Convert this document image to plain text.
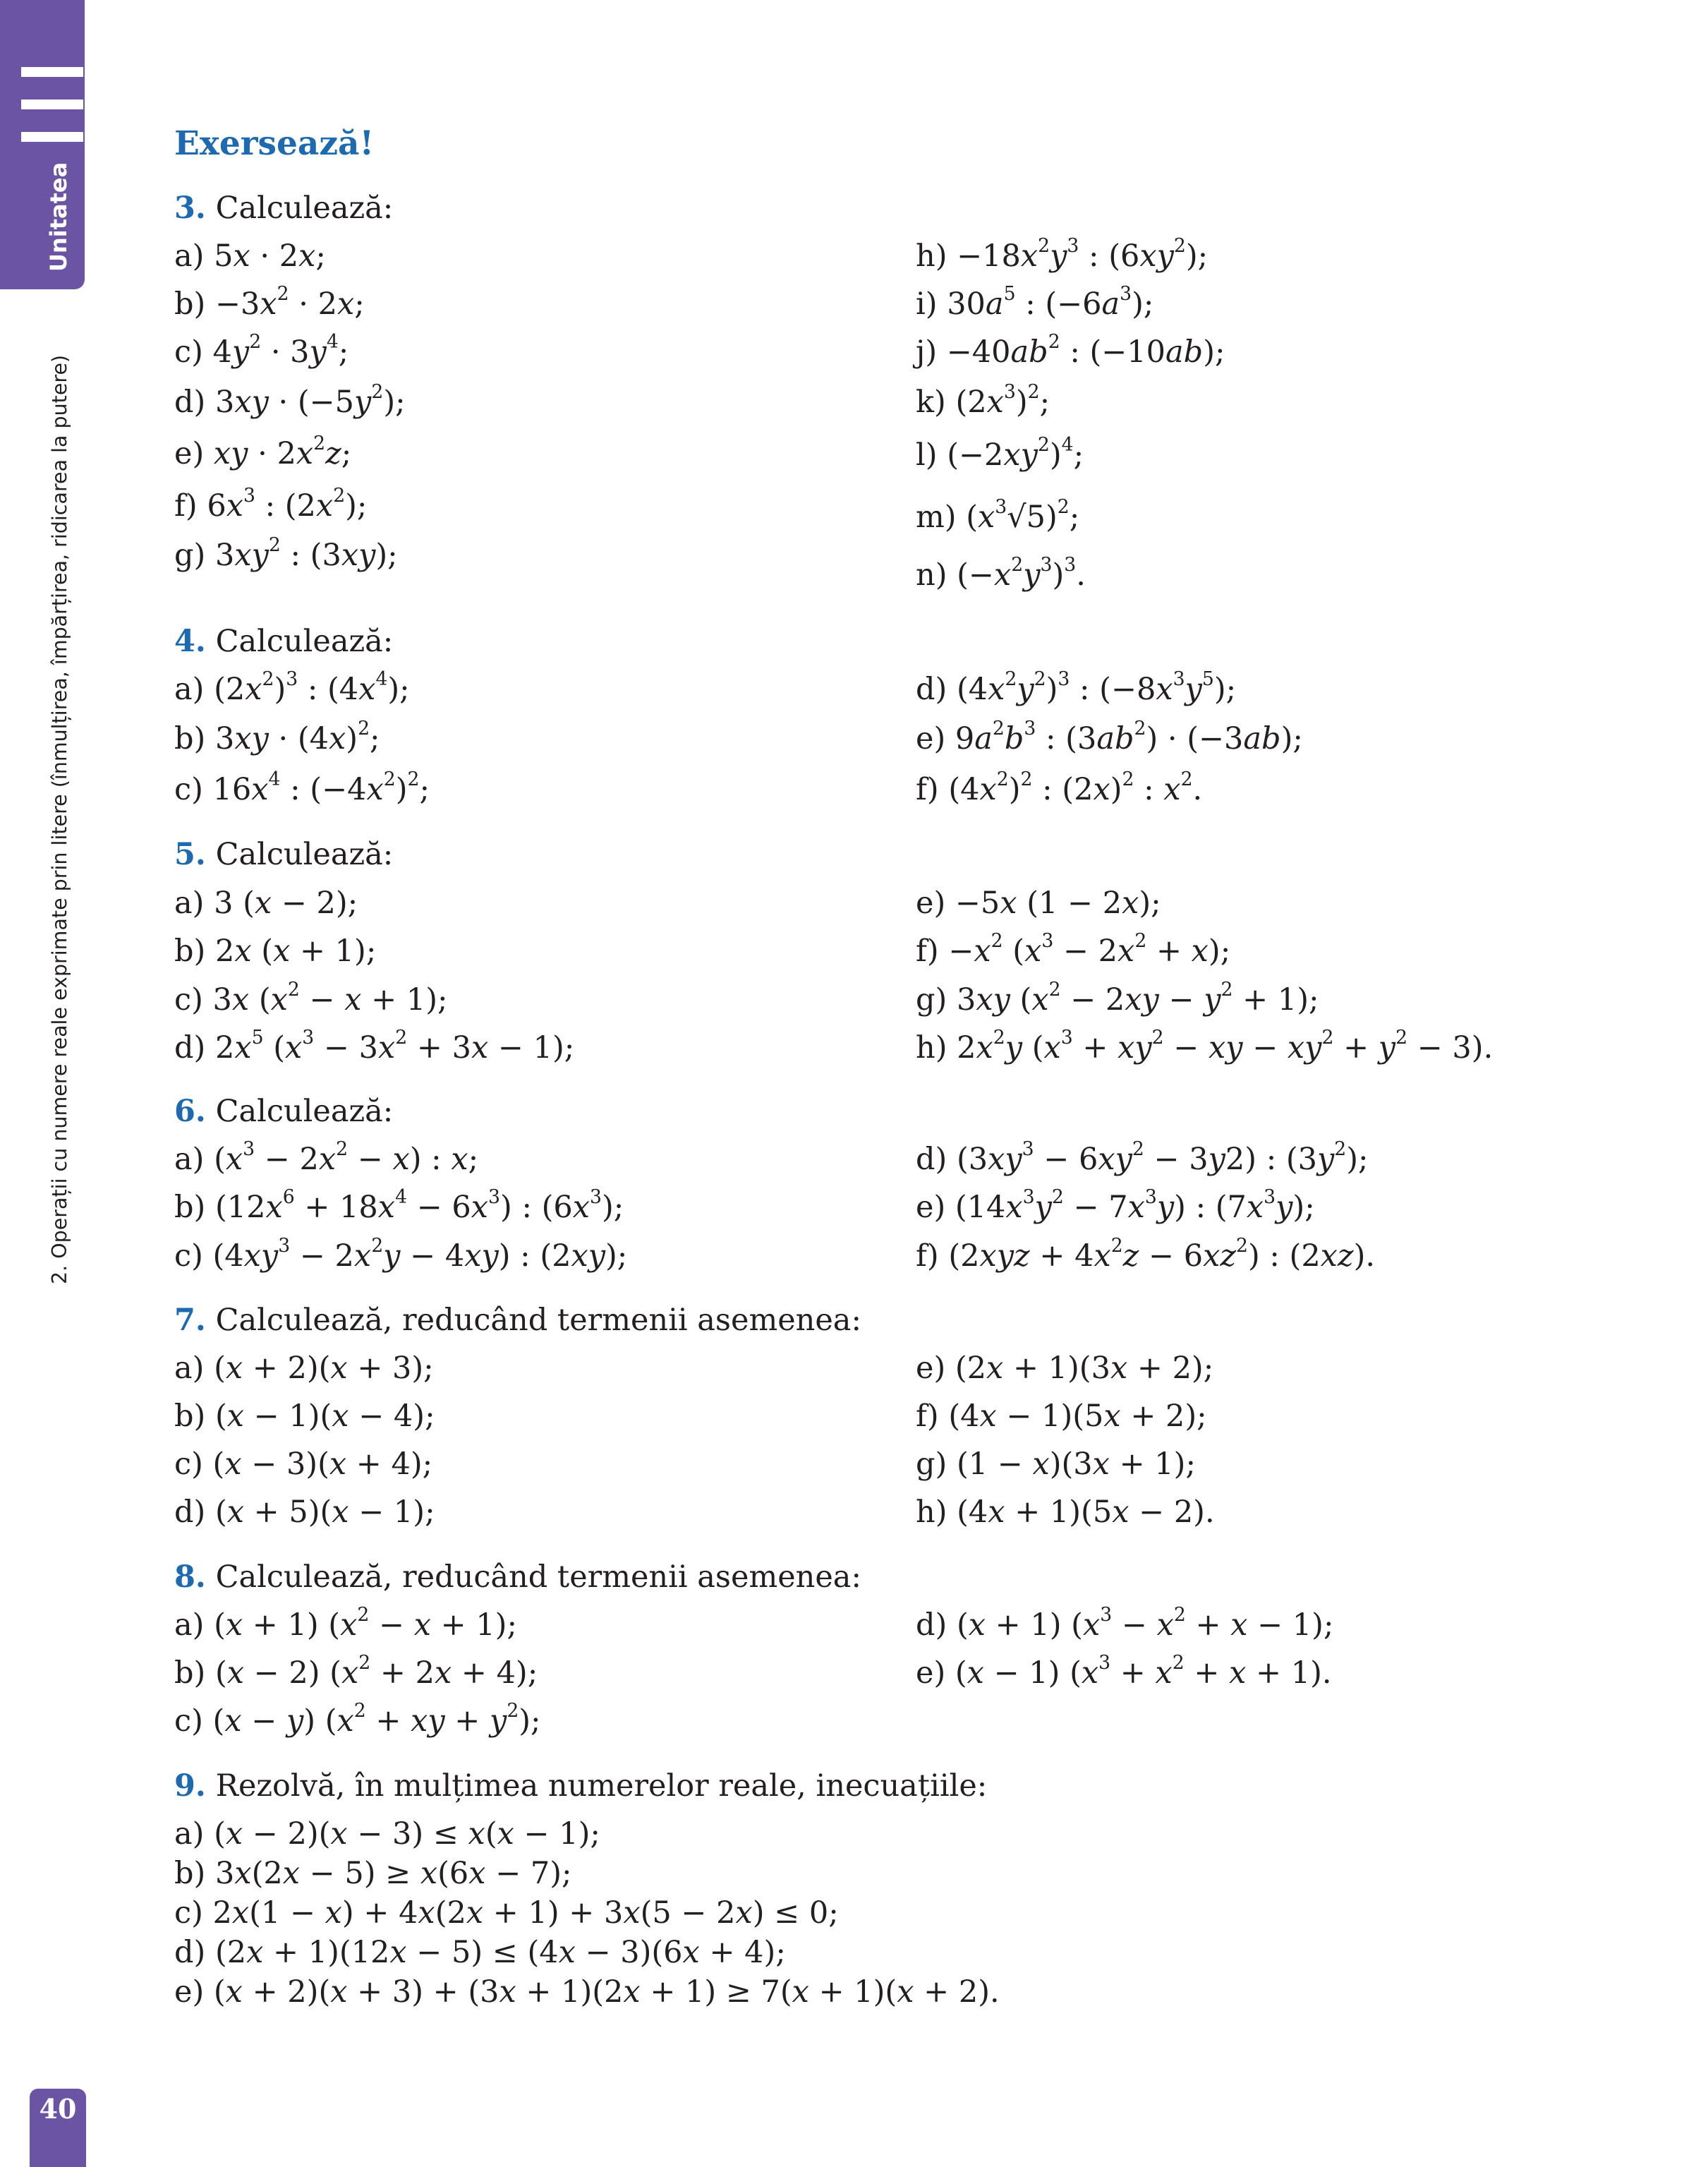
Unitatea
2. Operații cu numere reale exprimate prin litere (înmulțirea, împărțirea, ridicarea la putere)
40
Exersează!
3. Calculează:
a) 5x · 2x;
$b) -3x^2 \cdot 2x$;
c) $4y^2 \cdot 3y^4$;
d) $3xy \cdot (-5y^2)$;
e) xy · $2x^2z$;
f) $6x^3$ : $(2x^2)$;
g) $3xy^2$ : (3xy);
$h) -18x^2y^3$ : $(6xy^2)$;
i) $30a^5$ : $(-6a^3)$;
$j) -40ab^2$ : (−10ab);
k) $(2x^3)^2$;
l) $(-2xy^2)^4$;
m) $(x^3√5)^2$;
n) $(-x^2y^3)^3$.
4. Calculează:
a) $(2x^2)^3$ : $(4x^4)$;
b) $3xy \cdot (4x)^2$;
c) $16x^4$ : $(-4x^2)^2$;
d) $(4x^2y^2)^3$ : $(-8x^3y^5)$;
e) $9a^2b^3$ : $(3ab^2) \cdot (-3ab)$;
f) $(4x^2)^2$ : $(2x)^2$ : $x^2$.
5. Calculează:
a) 3 (x − 2);
b) 2x (x + 1);
c) 3x $(x^2 - x + 1)$;
d) $2x^5$ $(x^3 - 3x^2 + 3x - 1)$;
e) −5x (1 − 2x);
$f) -x^2$ $(x^3 - 2x^2 + x)$;
g) 3xy $(x^2 - 2xy - y^2 + 1)$;
h) $2x^2y$ ($x^3 + xy^2$ − xy − $xy^2 + y^2 - 3$).
6. Calculează:
a) $(x^3 - 2x^2 - x)$ : x;
b) $(12x^6 + 18x^4 - 6x^3)$ : $(6x^3)$;
c) $(4xy^3 - 2x^2y - 4xy)$ : (2xy);
d) $(3xy^3 - 6xy^2 - 3y2)$ : $(3y^2)$;
e) $(14x^3y^2 - 7x^3y)$ : $(7x^3y)$;
f) $(2xyz + 4x^2z - 6xz^2)$ : (2xz).
7. Calculează, reducând termenii asemenea:
a) (x + 2)(x + 3);
b) (x − 1)(x − 4);
c) (x − 3)(x + 4);
d) (x + 5)(x − 1);
e) (2x + 1)(3x + 2);
f) (4x − 1)(5x + 2);
g) (1 − x)(3x + 1);
h) (4x + 1)(5x − 2).
8. Calculează, reducând termenii asemenea:
a) (x + 1) $(x^2 - x + 1)$;
b) (x − 2) $(x^2 + 2x + 4)$;
c) (x − y) ($x^2$ + xy + $y^2$);
d) (x + 1) $(x^3 - x^2 + x - 1)$;
e) (x − 1) $(x^3 + x^2 + x + 1)$.
9. Rezolvă, în mulțimea numerelor reale, inecuațiile:
a) (x − 2)(x − 3) ≤ x(x − 1);
b) 3x(2x − 5) ≥ x(6x − 7);
c) 2x(1 − x) + 4x(2x + 1) + 3x(5 − 2x) ≤ 0;
d) (2x + 1)(12x − 5) ≤ (4x − 3)(6x + 4);
e) (x + 2)(x + 3) + (3x + 1)(2x + 1) ≥ 7(x + 1)(x + 2).
